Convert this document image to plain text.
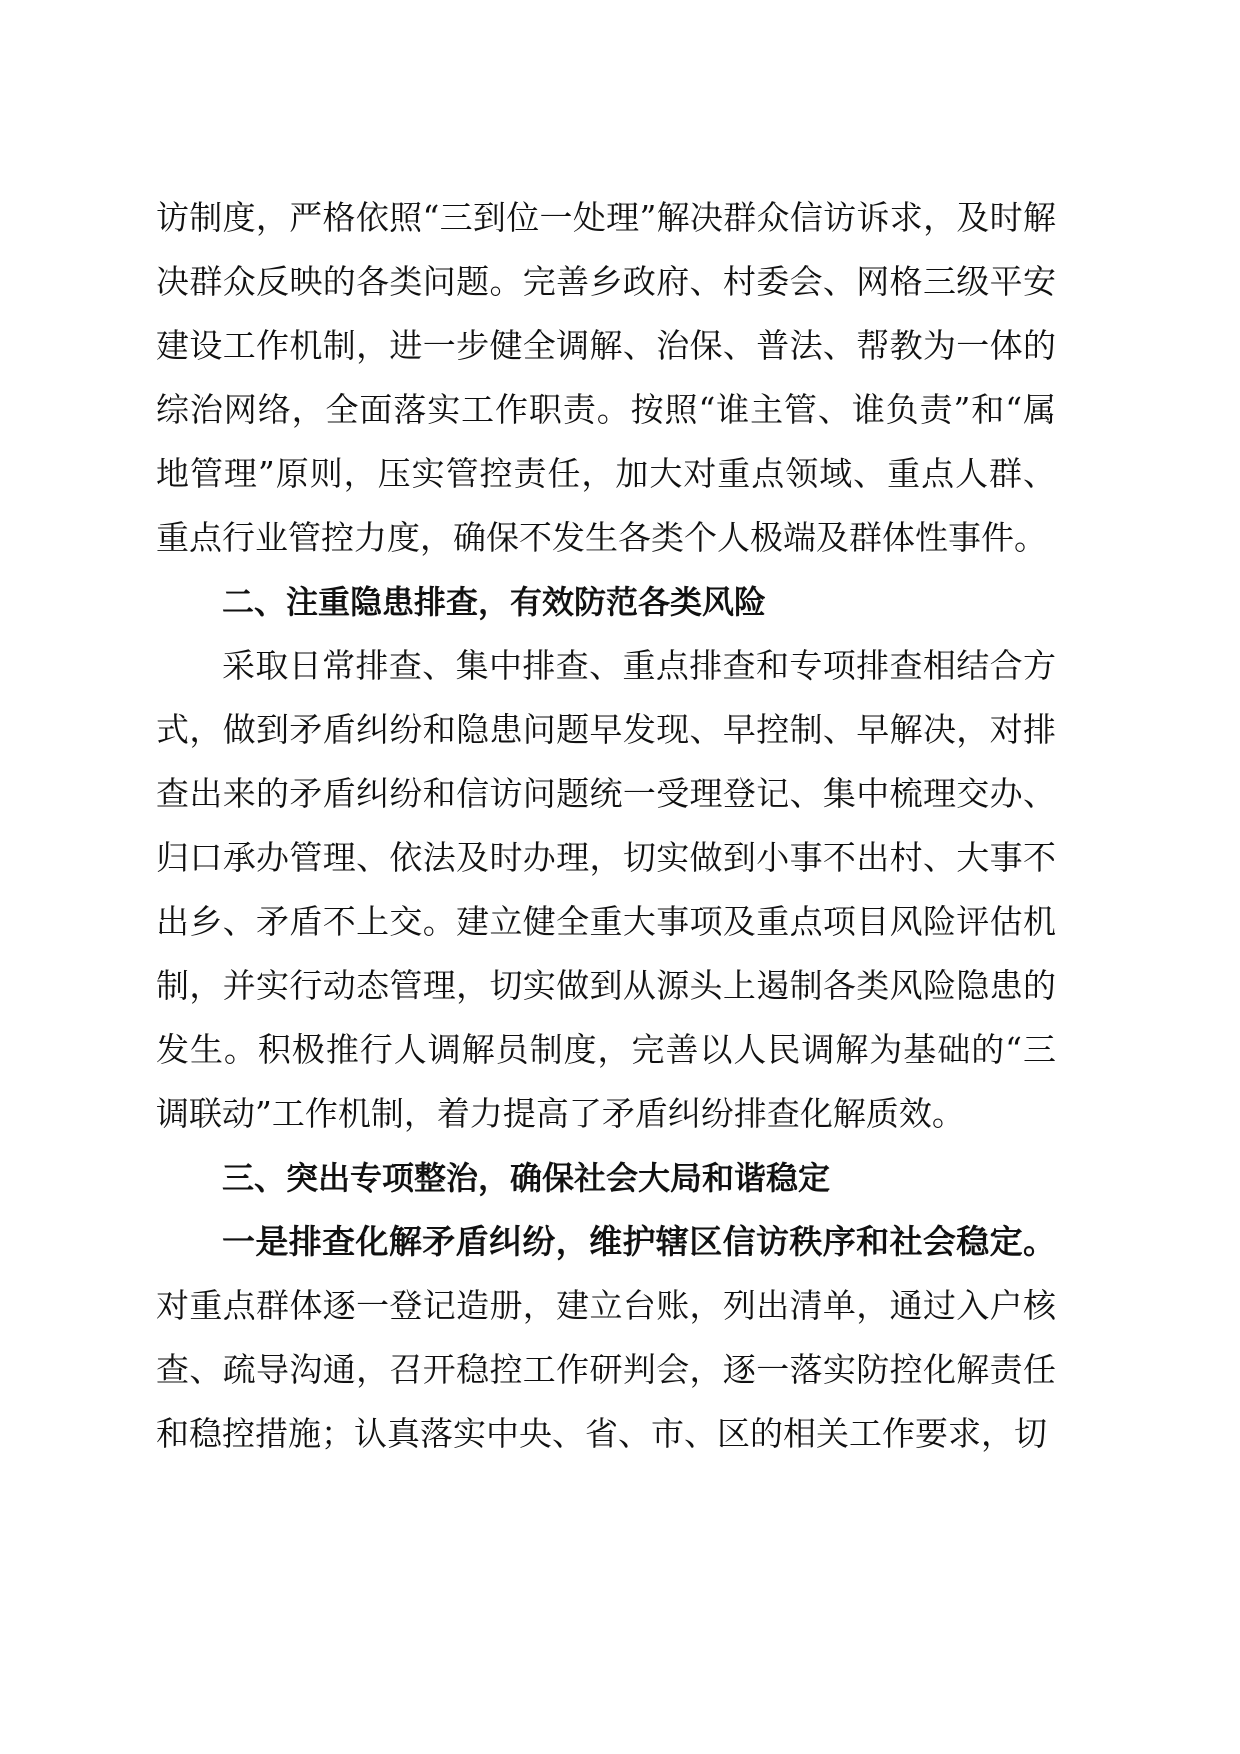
访制度，严格依照“三到位一处理”解决群众信访诉求，及时解决群众反映的各类问题。完善乡政府、村委会、网格三级平安建设工作机制，进一步健全调解、治保、普法、帮教为一体的综治网络，全面落实工作职责。按照“谁主管、谁负责”和“属地管理”原则，压实管控责任，加大对重点领域、重点人群、重点行业管控力度，确保不发生各类个人极端及群体性事件。

二、注重隐患排查，有效防范各类风险

采取日常排查、集中排查、重点排查和专项排查相结合方式，做到矛盾纠纷和隐患问题早发现、早控制、早解决，对排查出来的矛盾纠纷和信访问题统一受理登记、集中梳理交办、归口承办管理、依法及时办理，切实做到小事不出村、大事不出乡、矛盾不上交。建立健全重大事项及重点项目风险评估机制，并实行动态管理，切实做到从源头上遏制各类风险隐患的发生。积极推行人调解员制度，完善以人民调解为基础的“三调联动”工作机制，着力提高了矛盾纠纷排查化解质效。

三、突出专项整治，确保社会大局和谐稳定

一是排查化解矛盾纠纷，维护辖区信访秩序和社会稳定。对重点群体逐一登记造册，建立台账，列出清单，通过入户核查、疏导沟通，召开稳控工作研判会，逐一落实防控化解责任和稳控措施；认真落实中央、省、市、区的相关工作要求，切
